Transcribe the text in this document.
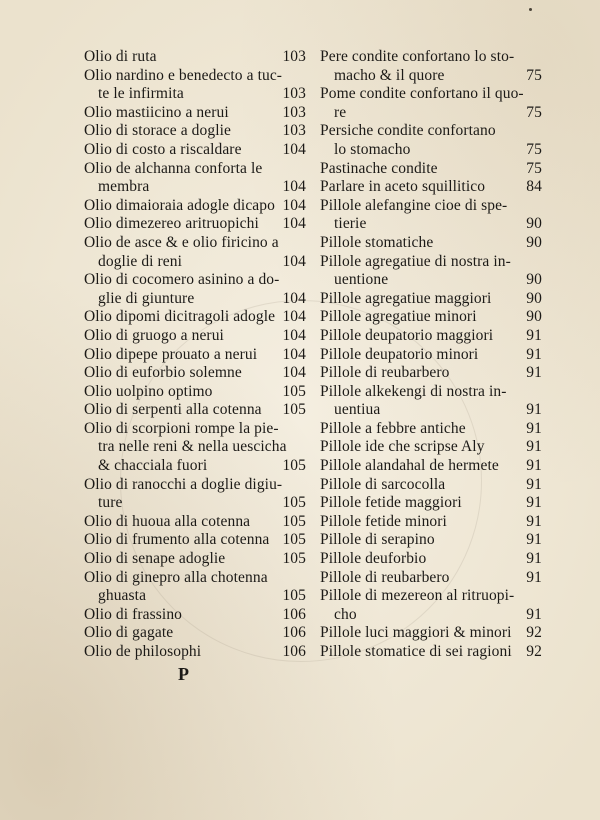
Olio di ruta	103
Olio nardino e benedecto a tuc-
te le infirmita	103
Olio mastiicino a nerui	103
Olio di storace a doglie	103
Olio di costo a riscaldare	104
Olio de alchanna conforta le
membra	104
Olio dimaioraia adogle dicapo 104
Olio dimezereo aritruopichi 104
Olio de asce & e olio firicino a
doglie di reni	104
Olio di cocomero asinino a do-
glie di giunture	104
Olio dipomi dicitragoli adogle 104
Olio di gruogo a nerui	104
Olio dipepe prouato a nerui 104
Olio di euforbio solemne	104
Olio uolpino optimo	105
Olio di serpenti alla cotenna 105
Olio di scorpioni rompe la pie-
tra nelle reni & nella uescicha
& chacciala fuori	105
Olio di ranocchi a doglie digiu-
ture	105
Olio di huoua alla cotenna 105
Olio di frumento alla cotenna 105
Olio di senape adoglie	105
Olio di ginepro alla chotenna
ghuasta	105
Olio di frassino	106
Olio di gagate	106
Olio de philosophi	106
Pere condite confortano lo sto-
macho & il quore	75
Pome condite confortano il quo-
re	75
Persiche condite confortano
lo stomacho	75
Pastinache condite	75
Parlare in aceto squillitico	84
Pillole alefangine cioe di spe-
tierie	90
Pillole stomatiche	90
Pillole agregatiue di nostra in-
uentione	90
Pillole agregatiue maggiori 90
Pillole agregatiue minori	90
Pillole deupatorio maggiori 91
Pillole deupatorio minori	91
Pillole di reubarbero	91
Pillole alkekengi di nostra in-
uentiua	91
Pillole a febbre antiche	91
Pillole ide che scripse Aly	91
Pillole alandahal de hermete 91
Pillole di sarcocolla	91
Pillole fetide maggiori	91
Pillole fetide minori	91
Pillole di serapino	91
Pillole deuforbio	91
Pillole di reubarbero	91
Pillole di mezereon al ritruopi-
cho	91
Pillole luci maggiori & minori 92
Pillole stomatice di sei ragioni 92
P
